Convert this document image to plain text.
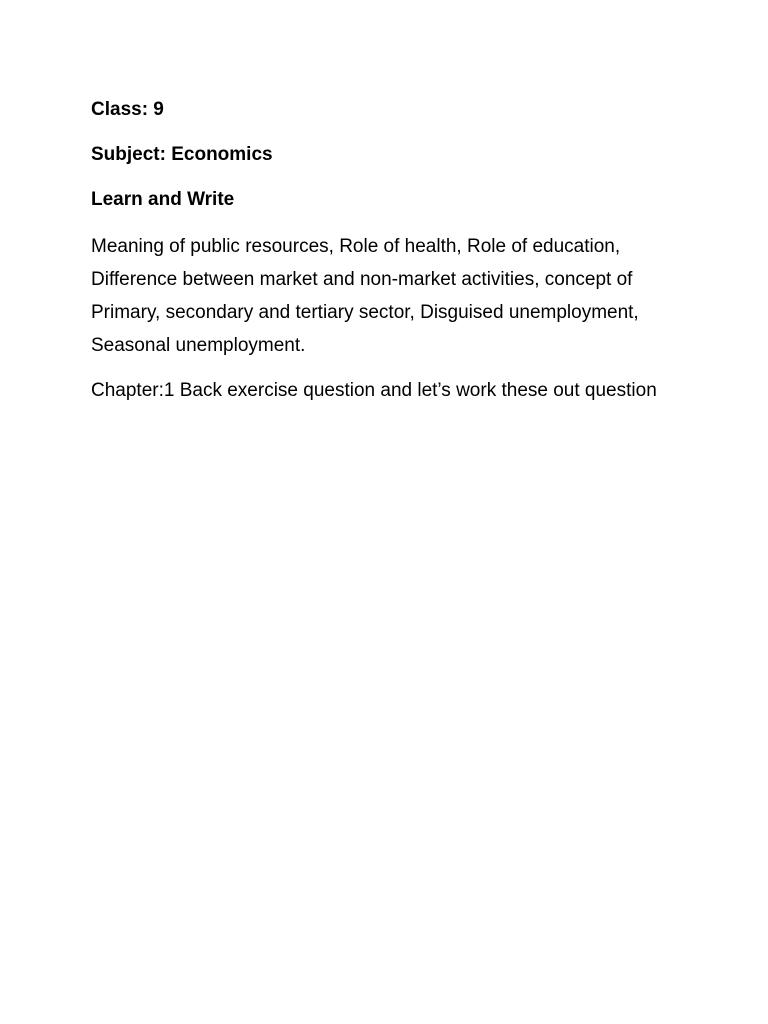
Class: 9

Subject: Economics

Learn and Write

Meaning of public resources, Role of health, Role of education, Difference between market and non-market activities, concept of Primary, secondary and tertiary sector, Disguised unemployment, Seasonal unemployment.

Chapter:1 Back exercise question and let’s work these out question
